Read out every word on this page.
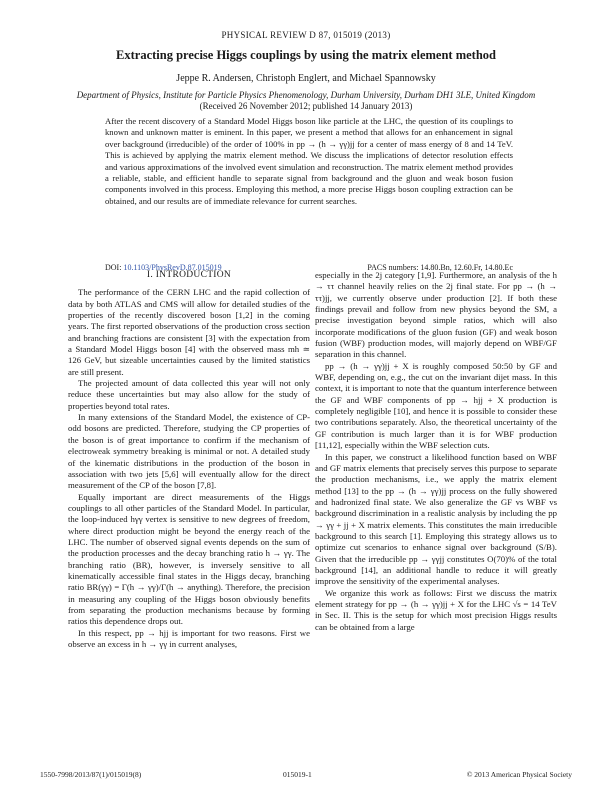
PHYSICAL REVIEW D 87, 015019 (2013)
Extracting precise Higgs couplings by using the matrix element method
Jeppe R. Andersen, Christoph Englert, and Michael Spannowsky
Department of Physics, Institute for Particle Physics Phenomenology, Durham University, Durham DH1 3LE, United Kingdom
(Received 26 November 2012; published 14 January 2013)
After the recent discovery of a Standard Model Higgs boson like particle at the LHC, the question of its couplings to known and unknown matter is eminent. In this paper, we present a method that allows for an enhancement in signal over background (irreducible) of the order of 100% in pp → (h → γγ)jj for a center of mass energy of 8 and 14 TeV. This is achieved by applying the matrix element method. We discuss the implications of detector resolution effects and various approximations of the involved event simulation and reconstruction. The matrix element method provides a reliable, stable, and efficient handle to separate signal from background and the gluon and weak boson fusion components involved in this process. Employing this method, a more precise Higgs boson coupling extraction can be obtained, and our results are of immediate relevance for current searches.
DOI: 10.1103/PhysRevD.87.015019	PACS numbers: 14.80.Bn, 12.60.Fr, 14.80.Ec

I. INTRODUCTION

The performance of the CERN LHC and the rapid collection of data by both ATLAS and CMS will allow for detailed studies of the properties of the recently discovered boson [1,2] in the coming years. The first reported observations of the production cross section and branching fractions are consistent [3] with the expectation from a Standard Model Higgs boson [4] with the observed mass mh ≃ 126 GeV, but sizeable uncertainties caused by the limited statistics are still present.

The projected amount of data collected this year will not only reduce these uncertainties but may also allow for the study of properties beyond total rates.

In many extensions of the Standard Model, the existence of CP-odd bosons are predicted. Therefore, studying the CP properties of the boson is of great importance to confirm if the mechanism of electroweak symmetry breaking is minimal or not. A detailed study of the kinematic distributions in the production of the boson in association with two jets [5,6] will eventually allow for the direct measurement of the CP of the boson [7,8].

Equally important are direct measurements of the Higgs couplings to all other particles of the Standard Model. In particular, the loop-induced hγγ vertex is sensitive to new degrees of freedom, where direct production might be beyond the energy reach of the LHC. The number of observed signal events depends on the sum of the production processes and the decay branching ratio h → γγ. The branching ratio (BR), however, is inversely sensitive to all kinematically accessible final states in the Higgs decay, branching ratio BR(γγ) = Γ(h → γγ)/Γ(h → anything). Therefore, the precision in measuring any coupling of the Higgs boson obviously benefits from separating the production mechanisms because by forming ratios this dependence drops out.

In this respect, pp → hjj is important for two reasons. First we observe an excess in h → γγ in current analyses,

especially in the 2j category [1,9]. Furthermore, an analysis of the h → ττ channel heavily relies on the 2j final state. For pp → (h → ττ)jj, we currently observe under production [2]. If both these findings prevail and follow from new physics beyond the SM, a precise investigation beyond simple ratios, which will also incorporate modifications of the gluon fusion (GF) and weak boson fusion (WBF) production modes, will majorly depend on WBF/GF separation in this channel.

pp → (h → γγ)jj + X is roughly composed 50:50 by GF and WBF, depending on, e.g., the cut on the invariant dijet mass. In this context, it is important to note that the quantum interference between the GF and WBF components of pp → hjj + X production is completely negligible [10], and hence it is possible to consider these two contributions separately. Also, the theoretical uncertainty of the GF contribution is much larger than it is for WBF production [11,12], especially within the WBF selection cuts.

In this paper, we construct a likelihood function based on WBF and GF matrix elements that precisely serves this purpose to separate the production mechanisms, i.e., we apply the matrix element method [13] to the pp → (h → γγ)jj process on the fully showered and hadronized final state. We also generalize the GF vs WBF vs background discrimination in a realistic analysis by including the pp → γγ + jj + X matrix elements. This constitutes the main irreducible background to this search [1]. Employing this strategy allows us to optimize cut scenarios to enhance signal over background (S/B). Given that the irreducible pp → γγjj constitutes O(70)% of the total background [14], an additional handle to reduce it will greatly improve the sensitivity of the experimental analyses.

We organize this work as follows: First we discuss the matrix element strategy for pp → (h → γγ)jj + X for the LHC √s = 14 TeV in Sec. II. This is the setup for which most precision Higgs results can be obtained from a large

1550-7998/2013/87(1)/015019(8)	015019-1	© 2013 American Physical Society
